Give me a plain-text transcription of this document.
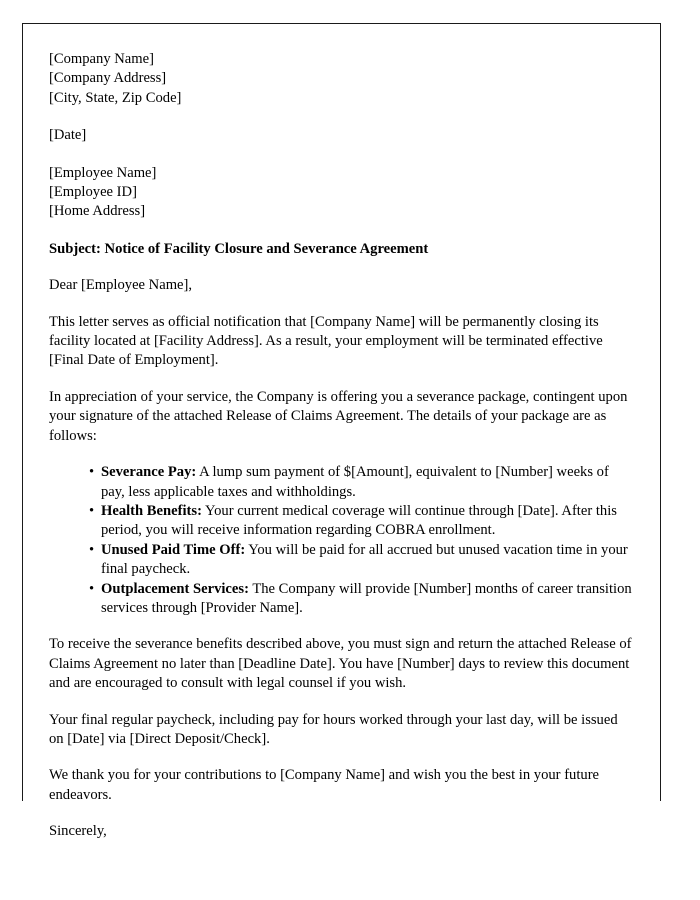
[Company Name]
[Company Address]
[City, State, Zip Code]
[Date]
[Employee Name]
[Employee ID]
[Home Address]
Subject: Notice of Facility Closure and Severance Agreement
Dear [Employee Name],

This letter serves as official notification that [Company Name] will be permanently closing its facility located at [Facility Address]. As a result, your employment will be terminated effective [Final Date of Employment].

In appreciation of your service, the Company is offering you a severance package, contingent upon your signature of the attached Release of Claims Agreement. The details of your package are as follows:

• Severance Pay: A lump sum payment of $[Amount], equivalent to [Number] weeks of pay, less applicable taxes and withholdings.
• Health Benefits: Your current medical coverage will continue through [Date]. After this period, you will receive information regarding COBRA enrollment.
• Unused Paid Time Off: You will be paid for all accrued but unused vacation time in your final paycheck.
• Outplacement Services: The Company will provide [Number] months of career transition services through [Provider Name].

To receive the severance benefits described above, you must sign and return the attached Release of Claims Agreement no later than [Deadline Date]. You have [Number] days to review this document and are encouraged to consult with legal counsel if you wish.

Your final regular paycheck, including pay for hours worked through your last day, will be issued on [Date] via [Direct Deposit/Check].

We thank you for your contributions to [Company Name] and wish you the best in your future endeavors.

Sincerely,
